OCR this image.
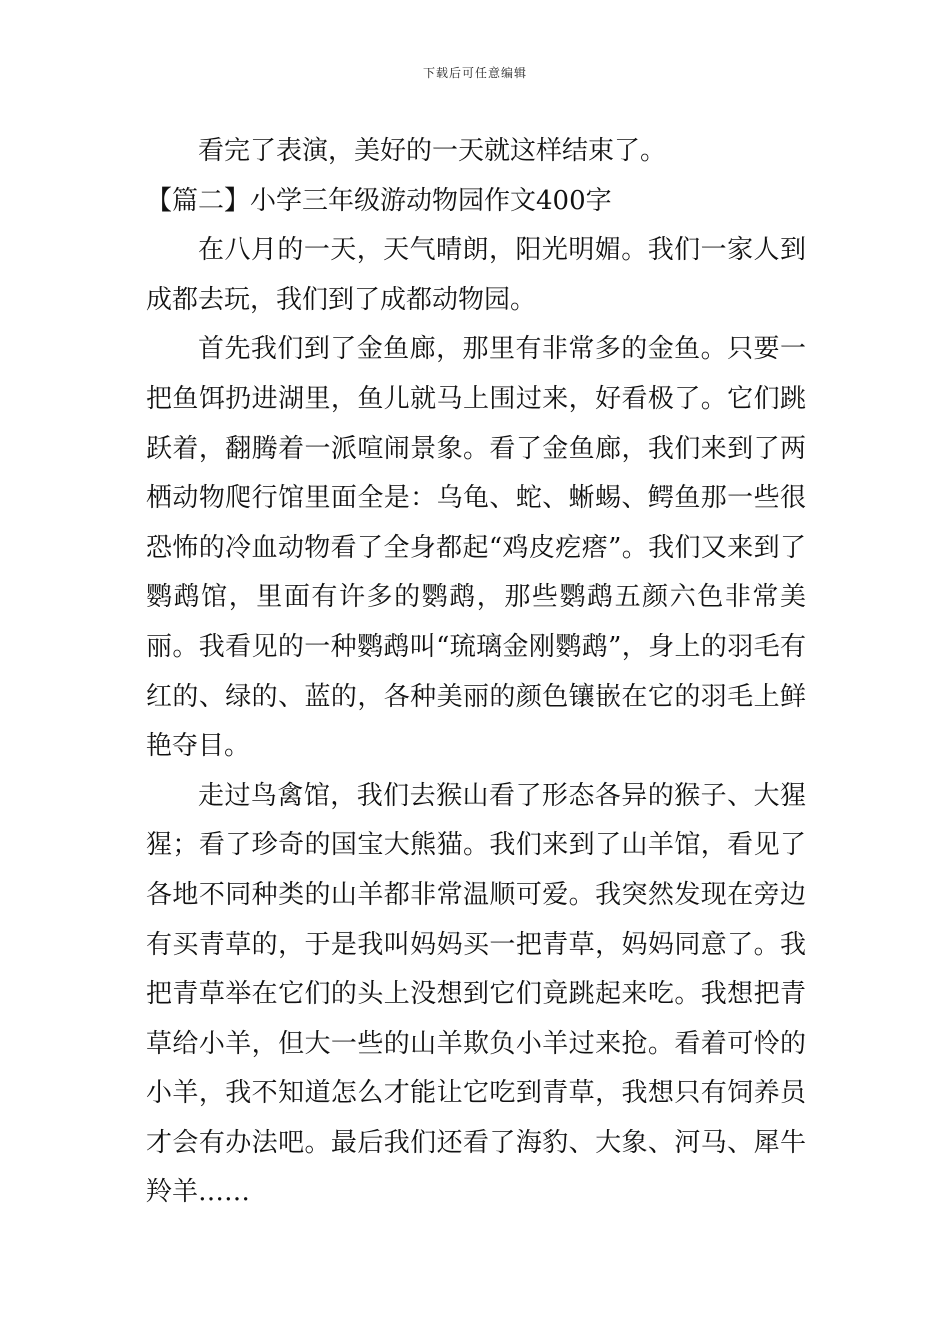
下载后可任意编辑

看完了表演，美好的一天就这样结束了。

【篇二】小学三年级游动物园作文400字

在八月的一天，天气晴朗，阳光明媚。我们一家人到成都去玩，我们到了成都动物园。

首先我们到了金鱼廊，那里有非常多的金鱼。只要一把鱼饵扔进湖里，鱼儿就马上围过来，好看极了。它们跳跃着，翻腾着一派喧闹景象。看了金鱼廊，我们来到了两栖动物爬行馆里面全是：乌龟、蛇、蜥蜴、鳄鱼那一些很恐怖的冷血动物看了全身都起“鸡皮疙瘩”。我们又来到了鹦鹉馆，里面有许多的鹦鹉，那些鹦鹉五颜六色非常美丽。我看见的一种鹦鹉叫“琉璃金刚鹦鹉”，身上的羽毛有红的、绿的、蓝的，各种美丽的颜色镶嵌在它的羽毛上鲜艳夺目。

走过鸟禽馆，我们去猴山看了形态各异的猴子、大猩猩；看了珍奇的国宝大熊猫。我们来到了山羊馆，看见了各地不同种类的山羊都非常温顺可爱。我突然发现在旁边有买青草的，于是我叫妈妈买一把青草，妈妈同意了。我把青草举在它们的头上没想到它们竟跳起来吃。我想把青草给小羊，但大一些的山羊欺负小羊过来抢。看着可怜的小羊，我不知道怎么才能让它吃到青草，我想只有饲养员才会有办法吧。最后我们还看了海豹、大象、河马、犀牛羚羊……
